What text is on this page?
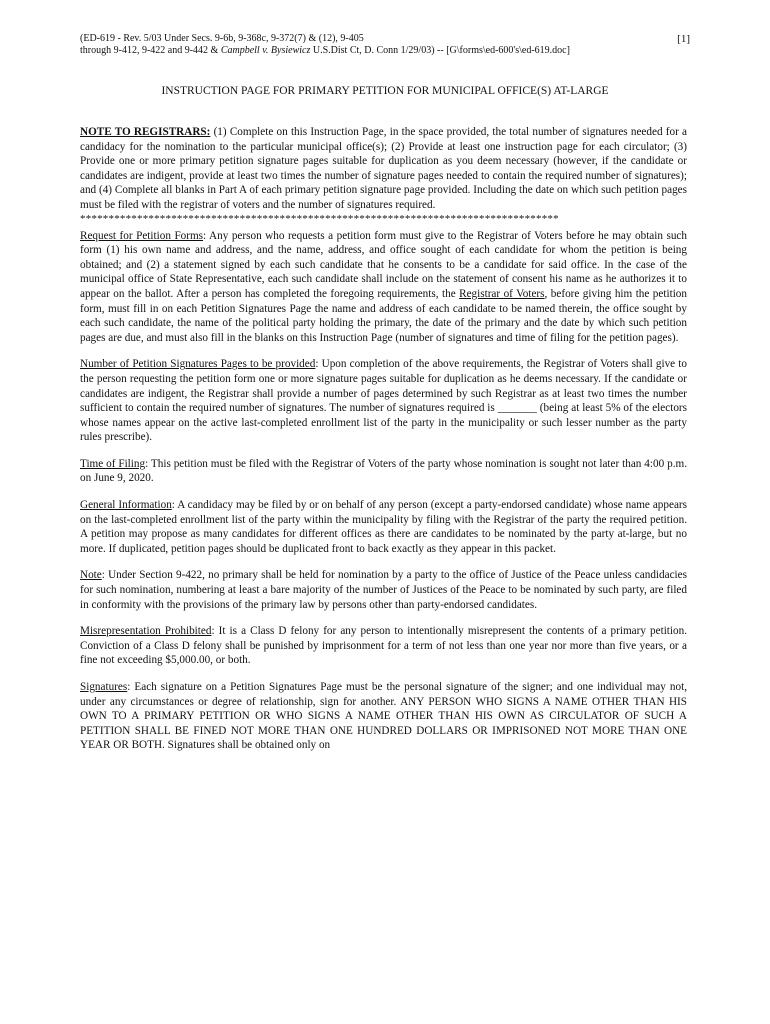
(ED-619 - Rev. 5/03 Under Secs. 9-6b, 9-368c, 9-372(7) & (12), 9-405
through 9-412, 9-422 and 9-442 & Campbell v. Bysiewicz U.S.Dist Ct, D. Conn 1/29/03) -- [G\forms\ed-600's\ed-619.doc]
[1]
INSTRUCTION PAGE FOR PRIMARY PETITION FOR MUNICIPAL OFFICE(S) AT-LARGE

NOTE TO REGISTRARS: (1) Complete on this Instruction Page, in the space provided, the total number of signatures needed for a candidacy for the nomination to the particular municipal office(s); (2) Provide at least one instruction page for each circulator; (3) Provide one or more primary petition signature pages suitable for duplication as you deem necessary (however, if the candidate or candidates are indigent, provide at least two times the number of signature pages needed to contain the required number of signatures); and (4) Complete all blanks in Part A of each primary petition signature page provided. Including the date on which such petition pages must be filed with the registrar of voters and the number of signatures required.

************************************************************************************

Request for Petition Forms: Any person who requests a petition form must give to the Registrar of Voters before he may obtain such form (1) his own name and address, and the name, address, and office sought of each candidate for whom the petition is being obtained; and (2) a statement signed by each such candidate that he consents to be a candidate for said office. In the case of the municipal office of State Representative, each such candidate shall include on the statement of consent his name as he authorizes it to appear on the ballot. After a person has completed the foregoing requirements, the Registrar of Voters, before giving him the petition form, must fill in on each Petition Signatures Page the name and address of each candidate to be named therein, the office sought by each such candidate, the name of the political party holding the primary, the date of the primary and the date by which such petition pages are due, and must also fill in the blanks on this Instruction Page (number of signatures and time of filing for the petition pages).

Number of Petition Signatures Pages to be provided: Upon completion of the above requirements, the Registrar of Voters shall give to the person requesting the petition form one or more signature pages suitable for duplication as he deems necessary. If the candidate or candidates are indigent, the Registrar shall provide a number of pages determined by such Registrar as at least two times the number sufficient to contain the required number of signatures. The number of signatures required is _______ (being at least 5% of the electors whose names appear on the active last-completed enrollment list of the party in the municipality or such lesser number as the party rules prescribe).

Time of Filing: This petition must be filed with the Registrar of Voters of the party whose nomination is sought not later than 4:00 p.m. on June 9, 2020.

General Information: A candidacy may be filed by or on behalf of any person (except a party-endorsed candidate) whose name appears on the last-completed enrollment list of the party within the municipality by filing with the Registrar of the party the required petition. A petition may propose as many candidates for different offices as there are candidates to be nominated by the party at-large, but no more. If duplicated, petition pages should be duplicated front to back exactly as they appear in this packet.

Note: Under Section 9-422, no primary shall be held for nomination by a party to the office of Justice of the Peace unless candidacies for such nomination, numbering at least a bare majority of the number of Justices of the Peace to be nominated by such party, are filed in conformity with the provisions of the primary law by persons other than party-endorsed candidates.

Misrepresentation Prohibited: It is a Class D felony for any person to intentionally misrepresent the contents of a primary petition. Conviction of a Class D felony shall be punished by imprisonment for a term of not less than one year nor more than five years, or a fine not exceeding $5,000.00, or both.

Signatures: Each signature on a Petition Signatures Page must be the personal signature of the signer; and one individual may not, under any circumstances or degree of relationship, sign for another. ANY PERSON WHO SIGNS A NAME OTHER THAN HIS OWN TO A PRIMARY PETITION OR WHO SIGNS A NAME OTHER THAN HIS OWN AS CIRCULATOR OF SUCH A PETITION SHALL BE FINED NOT MORE THAN ONE HUNDRED DOLLARS OR IMPRISONED NOT MORE THAN ONE YEAR OR BOTH. Signatures shall be obtained only on
